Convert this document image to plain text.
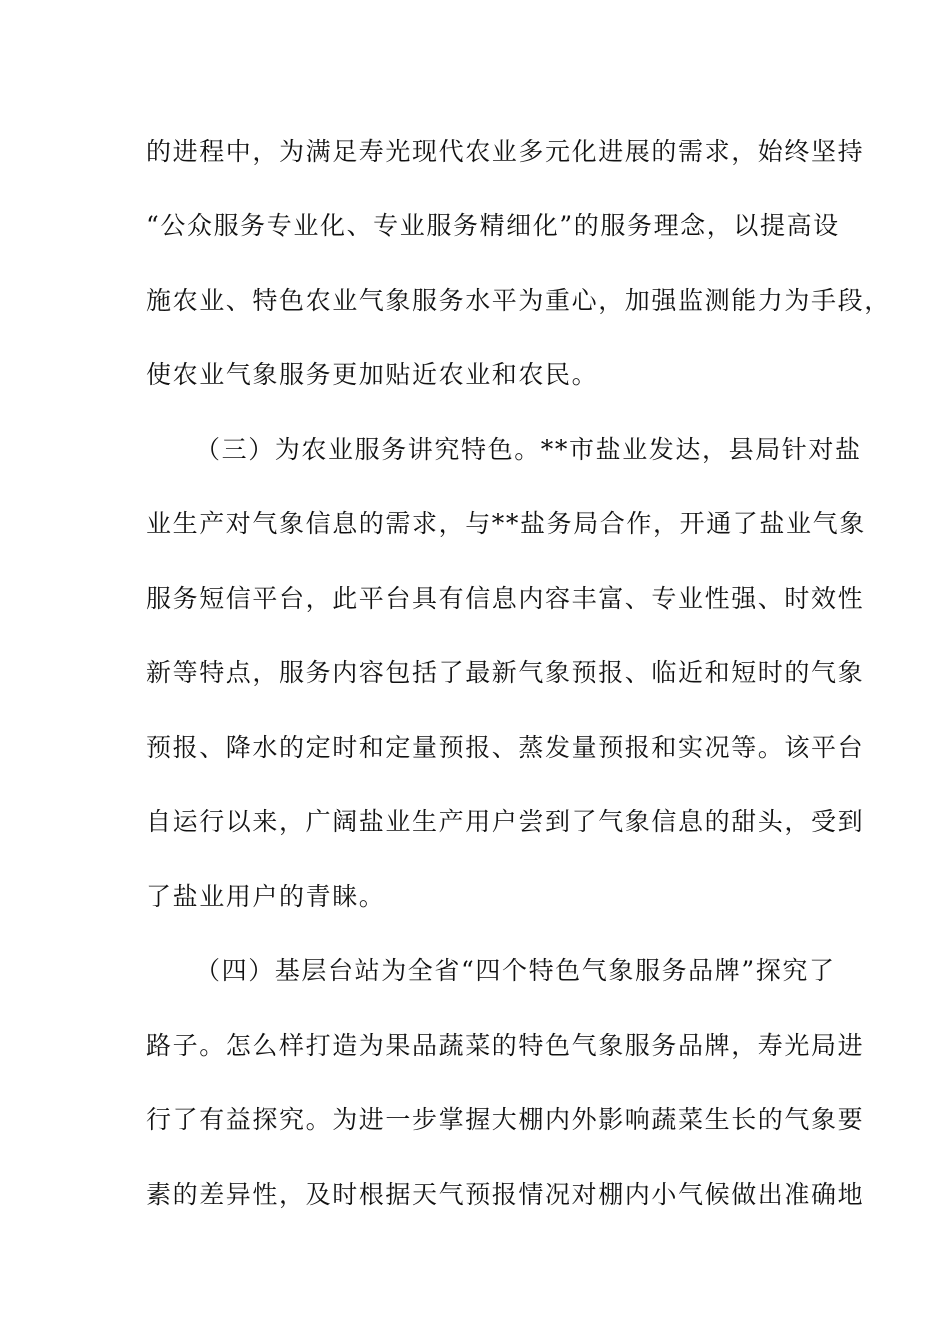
的进程中，为满足寿光现代农业多元化进展的需求，始终坚持
“公众服务专业化、专业服务精细化”的服务理念，以提高设
施农业、特色农业气象服务水平为重心，加强监测能力为手段，
使农业气象服务更加贴近农业和农民。
（三）为农业服务讲究特色。**市盐业发达，县局针对盐
业生产对气象信息的需求，与**盐务局合作，开通了盐业气象
服务短信平台，此平台具有信息内容丰富、专业性强、时效性
新等特点，服务内容包括了最新气象预报、临近和短时的气象
预报、降水的定时和定量预报、蒸发量预报和实况等。该平台
自运行以来，广阔盐业生产用户尝到了气象信息的甜头，受到
了盐业用户的青睐。
（四）基层台站为全省“四个特色气象服务品牌”探究了
路子。怎么样打造为果品蔬菜的特色气象服务品牌，寿光局进
行了有益探究。为进一步掌握大棚内外影响蔬菜生长的气象要
素的差异性，及时根据天气预报情况对棚内小气候做出准确地
